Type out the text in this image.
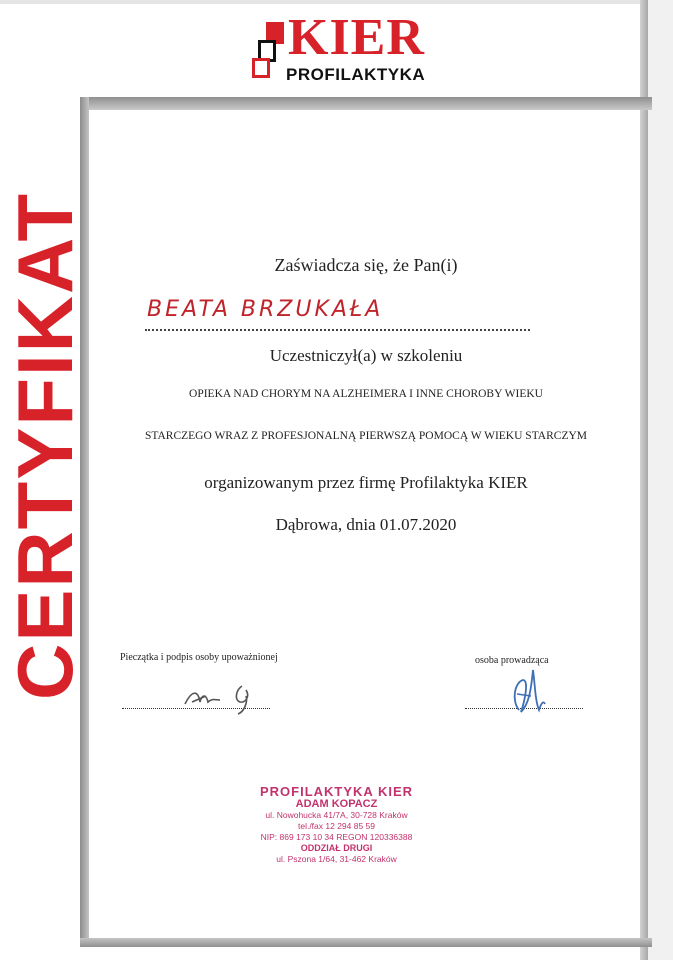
KIER
PROFILAKTYKA
CERTYFIKAT	Zaświadcza się, że Pan(i)
BEATA BRZUKAŁA
Uczestniczył(a) w szkoleniu
OPIEKA NAD CHORYM NA ALZHEIMERA I INNE CHOROBY WIEKU
STARCZEGO WRAZ Z PROFESJONALNĄ PIERWSZĄ POMOCĄ W WIEKU STARCZYM
organizowanym przez firmę Profilaktyka KIER
Dąbrowa, dnia 01.07.2020
Pieczątka i podpis osoby upoważnionej	osoba prowadząca
PROFILAKTYKA KIER
ADAM KOPACZ
ul. Nowohucka 41/7A, 30-728 Kraków
tel./fax 12 294 85 59
NIP: 869 173 10 34 REGON 120336388
ODDZIAŁ DRUGI
ul. Pszona 1/64, 31-462 Kraków
